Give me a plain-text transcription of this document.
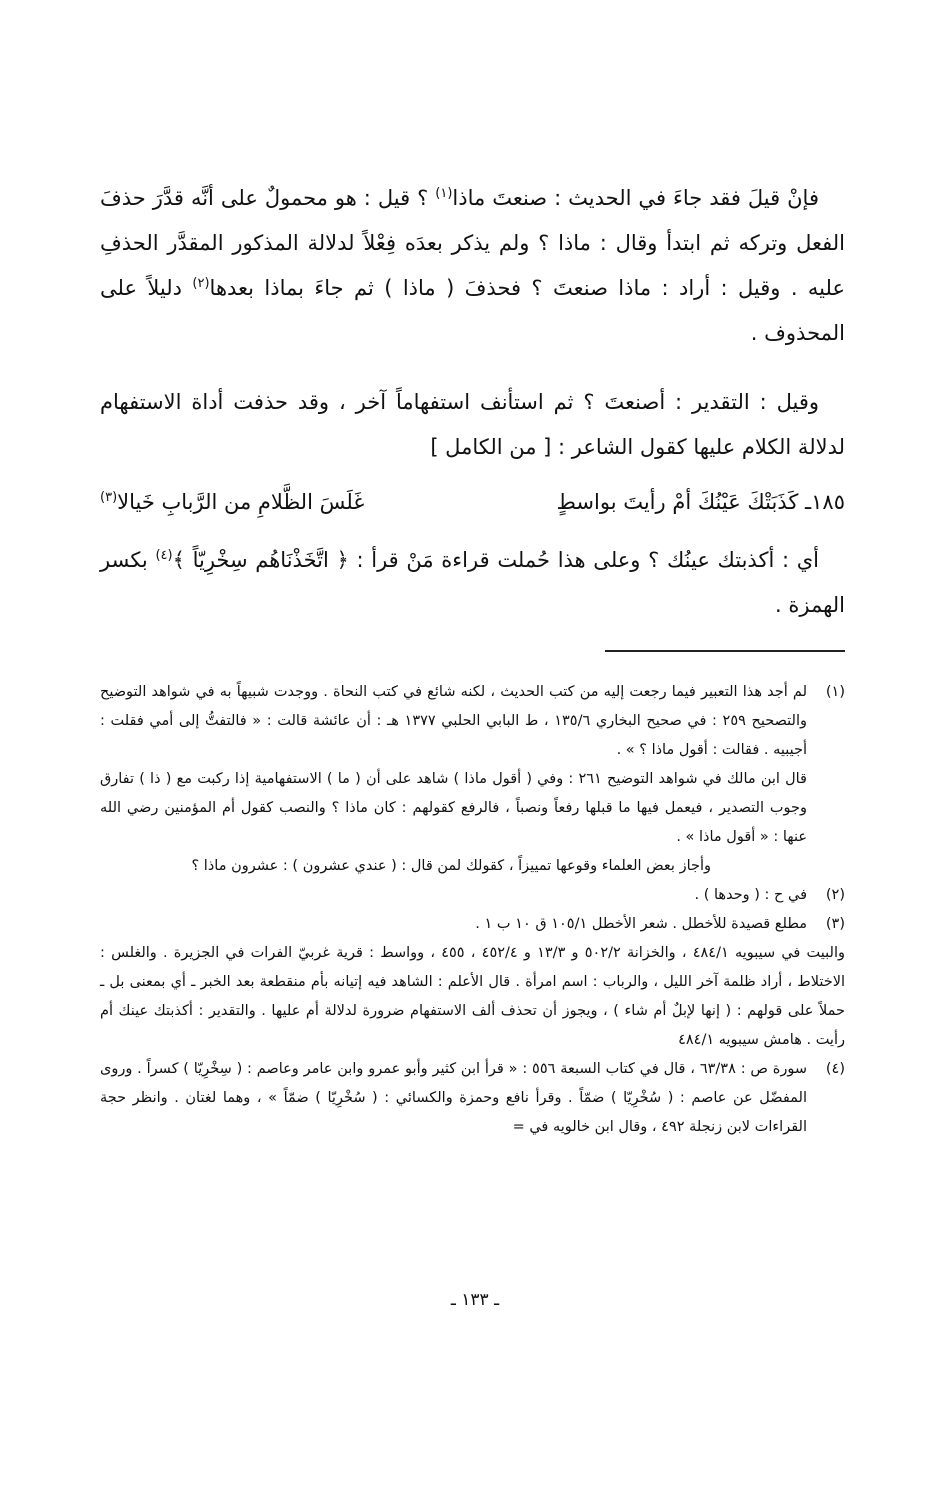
فإنْ قيلَ فقد جاءَ في الحديث : صنعتَ ماذا$^{(١)}$ ؟ قيل : هو محمولٌ على أنَّه قدَّرَ حذفَ الفعل وتركه ثم ابتدأ وقال : ماذا ؟ ولم يذكر بعدَه فِعْلاً لدلالة المذكور المقدَّر الحذفِ عليه . وقيل : أراد : ماذا صنعتَ ؟ فحذفَ ( ماذا ) ثم جاءَ بماذا بعدها$^{(٢)}$ دليلاً على المحذوف .

وقيل : التقدير : أصنعتَ ؟ ثم استأنف استفهاماً آخر ، وقد حذفت أداة الاستفهام لدلالة الكلام عليها كقول الشاعر : [ من الكامل ]

١٨٥ـ كَذَبَتْكَ عَيْنُكَ أمْ رأيتَ بواسطٍ
غَلَسَ الظَّلامِ من الرَّبابِ خَيالا$^{(٣)}$

أي : أكذبتك عينُك ؟ وعلى هذا حُملت قراءة مَنْ قرأ : ﴿ اتَّخَذْنَاهُم سِخْرِيّاً ﴾$^{(٤)}$ بكسر الهمزة .

(١)

لم أجد هذا التعبير فيما رجعت إليه من كتب الحديث ، لكنه شائع في كتب النحاة . ووجدت شبيهاً به في شواهد التوضيح والتصحيح ٢٥٩ : في صحيح البخاري ١٣٥/٦ ، ط البابي الحلبي ١٣٧٧ هـ : أن عائشة قالت : « فالتفتُّ إلى أمي فقلت : أجيبيه . فقالت : أقول ماذا ؟ » .

قال ابن مالك في شواهد التوضيح ٢٦١ : وفي ( أقول ماذا ) شاهد على أن ( ما ) الاستفهامية إذا ركبت مع ( ذا ) تفارق وجوب التصدير ، فيعمل فيها ما قبلها رفعاً ونصباً ، فالرفع كقولهم : كان ماذا ؟ والنصب كقول أم المؤمنين رضي الله عنها : « أقول ماذا » .

وأجاز بعض العلماء وقوعها تمييزاً ، كقولك لمن قال : ( عندي عشرون ) : عشرون ماذا ؟

(٢)

في ح : ( وحدها ) .

(٣)

مطلع قصيدة للأخطل . شعر الأخطل ١٠٥/١ ق ١٠ ب ١ .

والبيت في سيبويه ٤٨٤/١ ، والخزانة ٥٠٢/٢ و ١٣/٣ و ٤٥٢/٤ ، ٤٥٥ ، وواسط : قرية غربيّ الفرات في الجزيرة . والغلس : الاختلاط ، أراد ظلمة آخر الليل ، والرباب : اسم امرأة . قال الأعلم : الشاهد فيه إتيانه بأم منقطعة بعد الخبر ـ أي بمعنى بل ـ حملاً على قولهم : ( إنها لإبلٌ أم شاء ) ، ويجوز أن تحذف ألف الاستفهام ضرورة لدلالة أم عليها . والتقدير : أكذبتك عينك أم رأيت . هامش سيبويه ٤٨٤/١

(٤)

سورة ص : ٦٣/٣٨ ، قال في كتاب السبعة ٥٥٦ : « قرأ ابن كثير وأبو عمرو وابن عامر وعاصم : ( سِخْرِيّا ) كسراً . وروى المفضّل عن عاصم : ( سُخْرِيّا ) ضمّاً . وقرأ نافع وحمزة والكسائي : ( سُخْرِيّا ) ضمّاً » ، وهما لغتان . وانظر حجة القراءات لابن زنجلة ٤٩٢ ، وقال ابن خالويه في =

ـ ١٣٣ ـ
